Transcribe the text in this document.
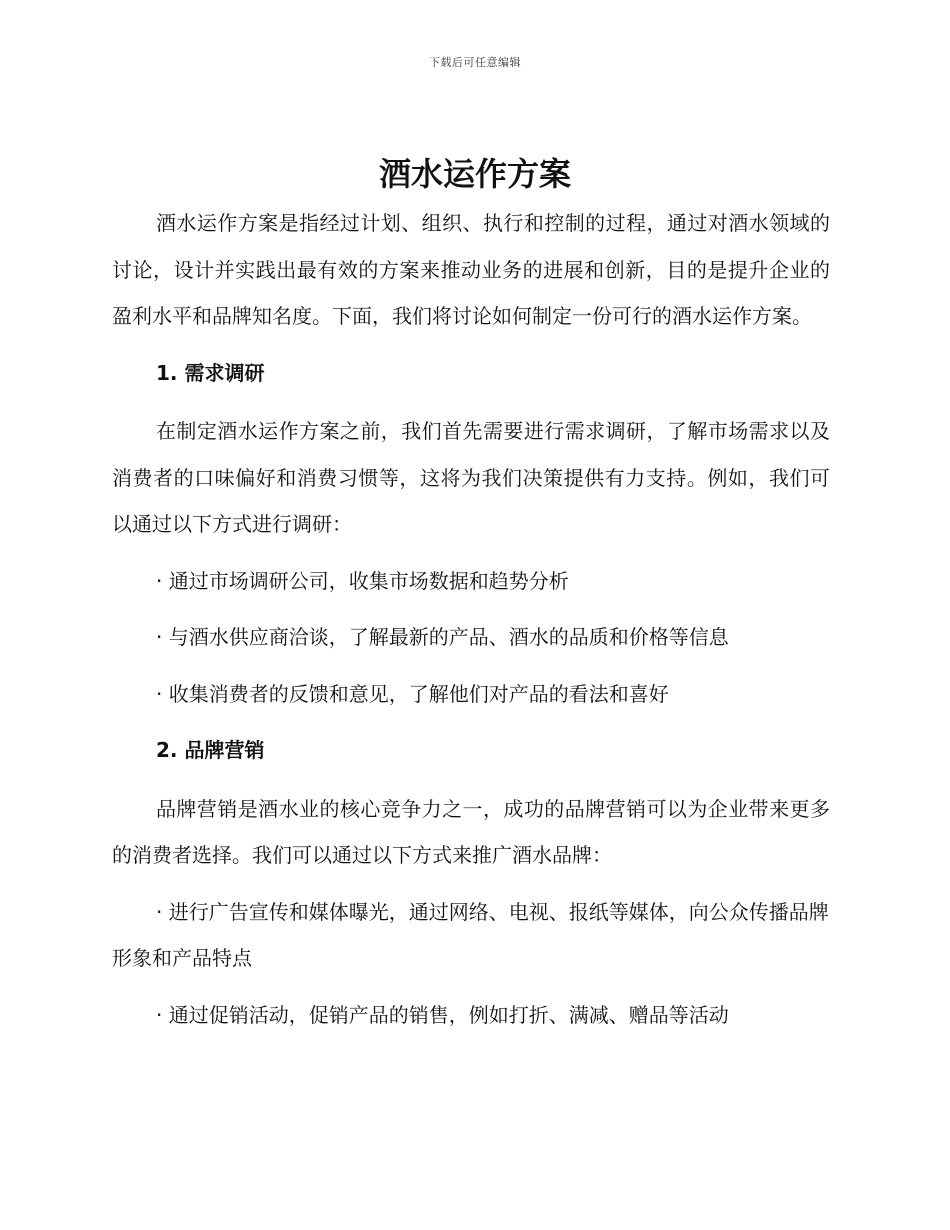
下载后可任意编辑
酒水运作方案

酒水运作方案是指经过计划、组织、执行和控制的过程，通过对酒水领域的讨论，设计并实践出最有效的方案来推动业务的进展和创新，目的是提升企业的盈利水平和品牌知名度。下面，我们将讨论如何制定一份可行的酒水运作方案。

1. 需求调研

在制定酒水运作方案之前，我们首先需要进行需求调研，了解市场需求以及消费者的口味偏好和消费习惯等，这将为我们决策提供有力支持。例如，我们可以通过以下方式进行调研：

· 通过市场调研公司，收集市场数据和趋势分析

· 与酒水供应商洽谈，了解最新的产品、酒水的品质和价格等信息

· 收集消费者的反馈和意见，了解他们对产品的看法和喜好

2. 品牌营销

品牌营销是酒水业的核心竞争力之一，成功的品牌营销可以为企业带来更多的消费者选择。我们可以通过以下方式来推广酒水品牌：

· 进行广告宣传和媒体曝光，通过网络、电视、报纸等媒体，向公众传播品牌形象和产品特点

· 通过促销活动，促销产品的销售，例如打折、满减、赠品等活动
